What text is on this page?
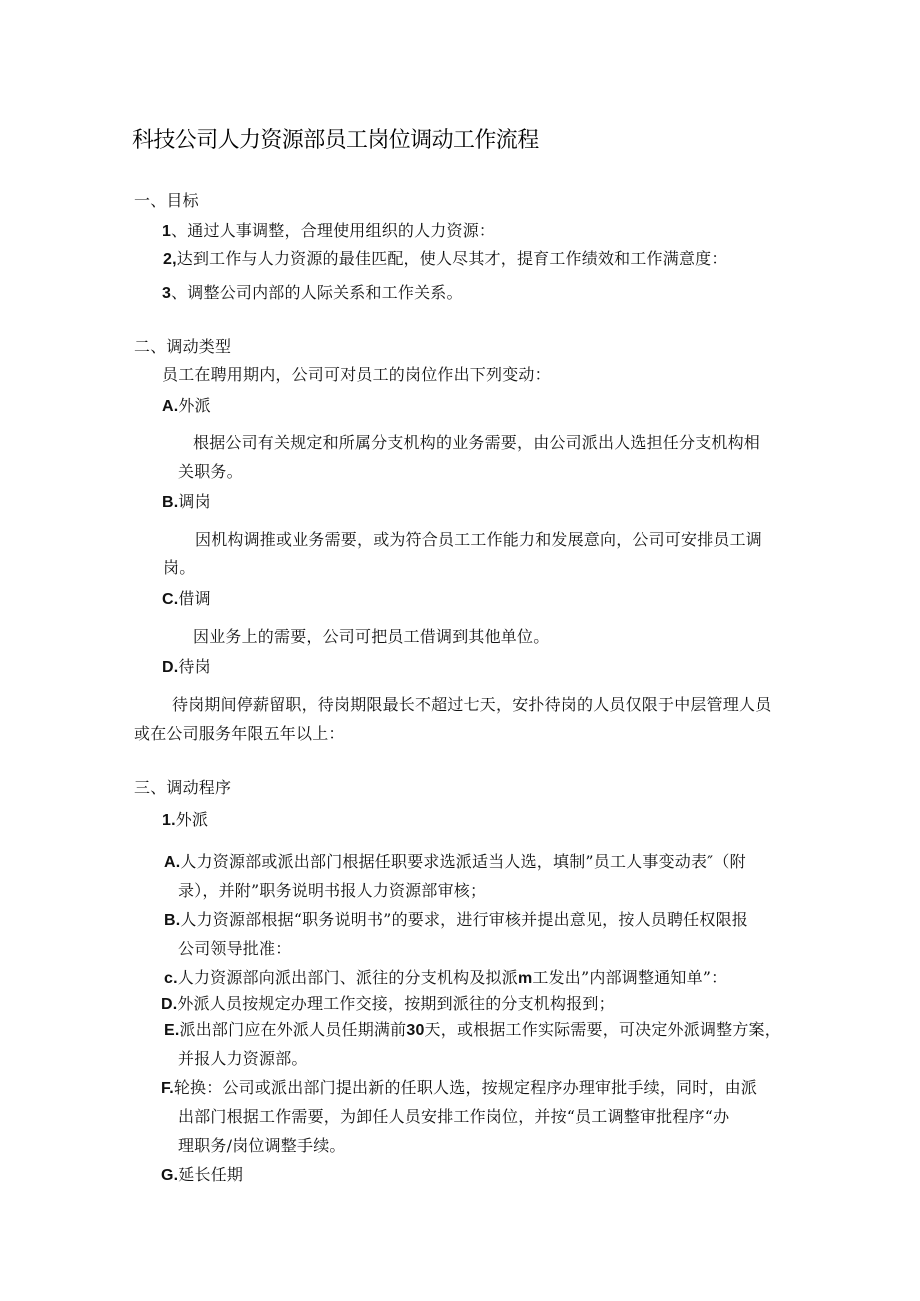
科技公司人力资源部员工岗位调动工作流程
一、目标
1、通过人事调整，合理使用组织的人力资源：
2,达到工作与人力资源的最佳匹配，使人尽其才，提育工作绩效和工作满意度：
3、调整公司内部的人际关系和工作关系。
二、调动类型
员工在聘用期内，公司可对员工的岗位作出下列变动：
A.外派
根据公司有关规定和所属分支机构的业务需要，由公司派出人选担任分支机构相
关职务。
B.调岗
因机构调推或业务需要，或为符合员工工作能力和发展意向，公司可安排员工调
岗。
C.借调
因业务上的需要，公司可把员工借调到其他单位。
D.待岗
待岗期间停薪留职，待岗期限最长不超过七天，安扑待岗的人员仅限于中层管理人员
或在公司服务年限五年以上：
三、调动程序
1.外派
A.人力资源部或派出部门根据任职要求选派适当人选，填制”员工人事变动表″（附
录），并附”职务说明书报人力资源部审核；
B.人力资源部根据“职务说明书”的要求，进行审核并提出意见，按人员聘任权限报
公司领导批准：
c.人力资源部向派出部门、派往的分支机构及拟派m工发出”内部调整通知单”：
D.外派人员按规定办理工作交接，按期到派往的分支机构报到；
E.派出部门应在外派人员任期满前30天，或根据工作实际需要，可决定外派调整方案，
并报人力资源部。
F.轮换：公司或派出部门提出新的任职人选，按规定程序办理审批手续，同时，由派
出部门根据工作需要，为卸任人员安排工作岗位，并按“员工调整审批程序“办
理职务/岗位调整手续。
G.延长任期
